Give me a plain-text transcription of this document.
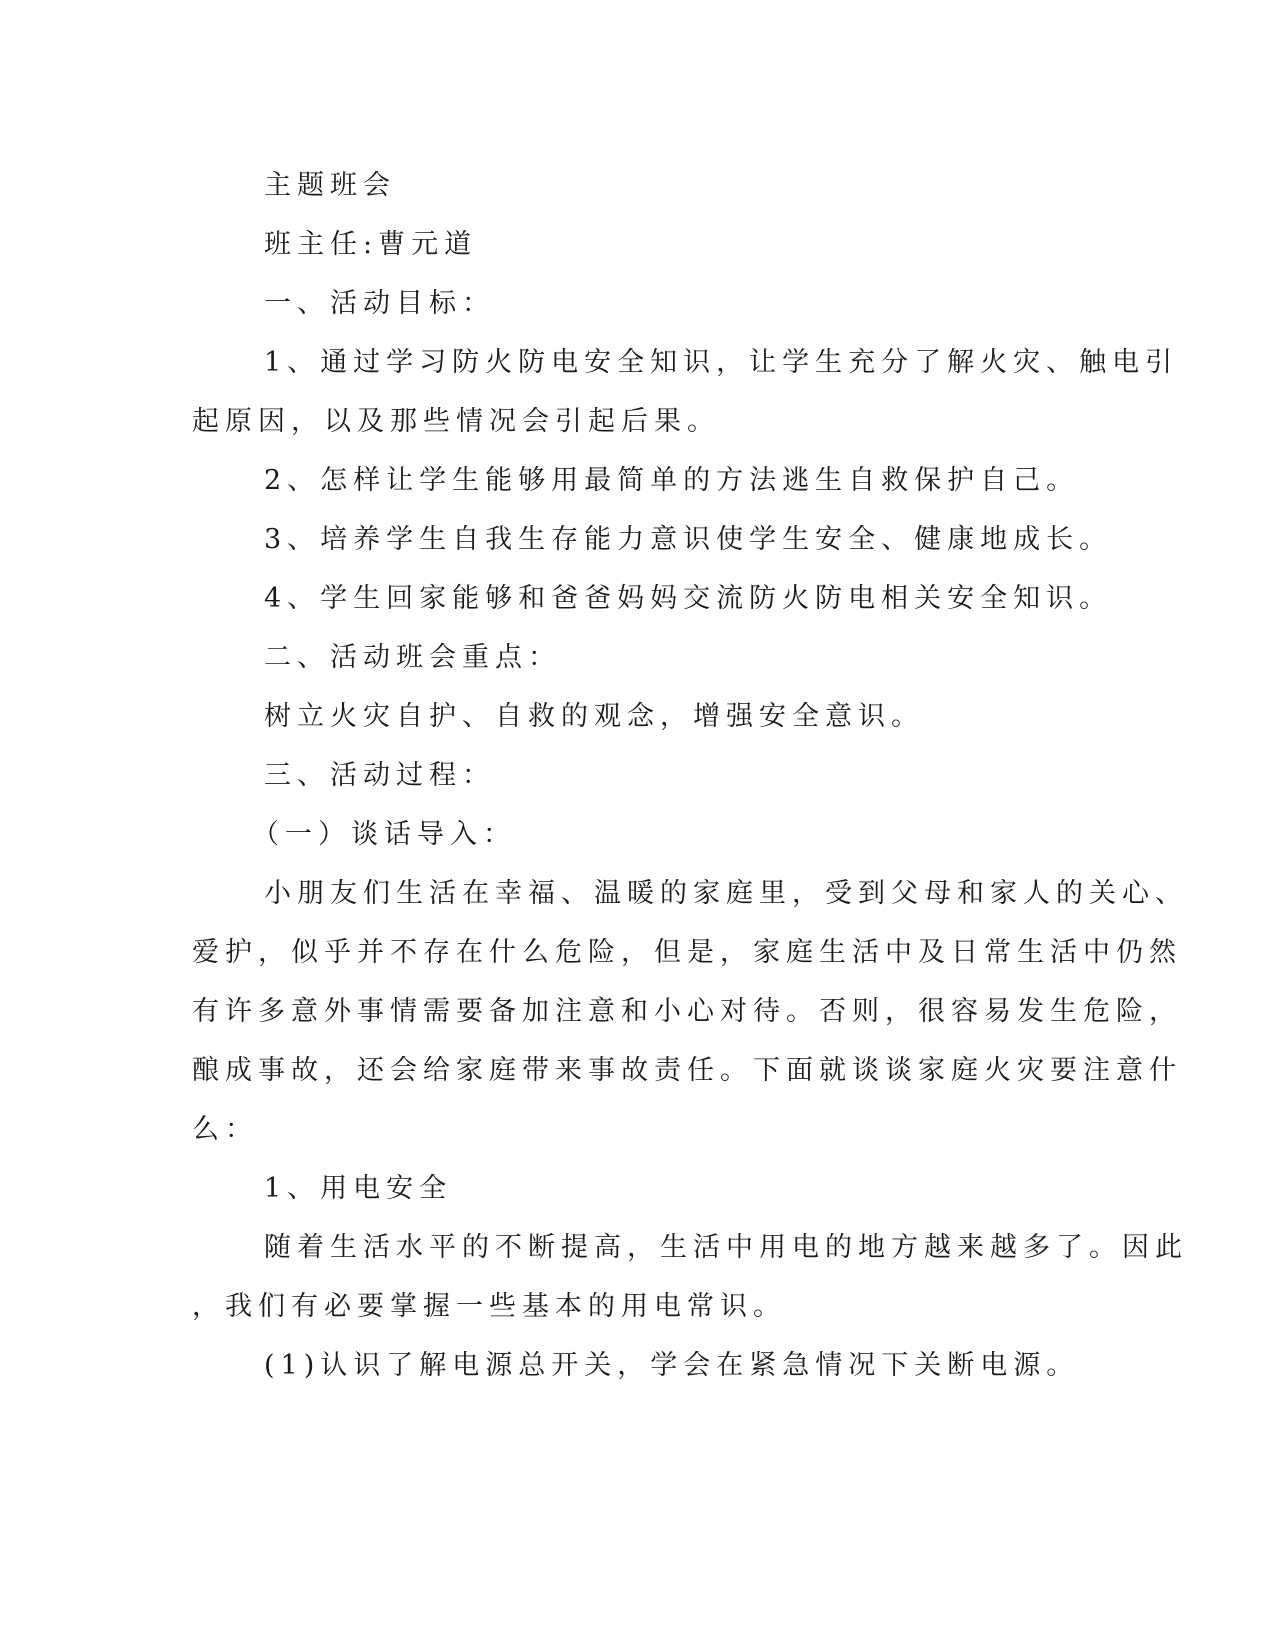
主题班会

班主任:曹元道

一、活动目标：

1、通过学习防火防电安全知识，让学生充分了解火灾、触电引
起原因，以及那些情况会引起后果。

2、怎样让学生能够用最简单的方法逃生自救保护自己。

3、培养学生自我生存能力意识使学生安全、健康地成长。

4、学生回家能够和爸爸妈妈交流防火防电相关安全知识。

二、活动班会重点：

树立火灾自护、自救的观念，增强安全意识。

三、活动过程：

（一）谈话导入：

小朋友们生活在幸福、温暖的家庭里，受到父母和家人的关心、
爱护，似乎并不存在什么危险，但是，家庭生活中及日常生活中仍然
有许多意外事情需要备加注意和小心对待。否则，很容易发生危险，
酿成事故，还会给家庭带来事故责任。下面就谈谈家庭火灾要注意什
么：

1、用电安全

随着生活水平的不断提高，生活中用电的地方越来越多了。因此
，我们有必要掌握一些基本的用电常识。

(1)认识了解电源总开关，学会在紧急情况下关断电源。
